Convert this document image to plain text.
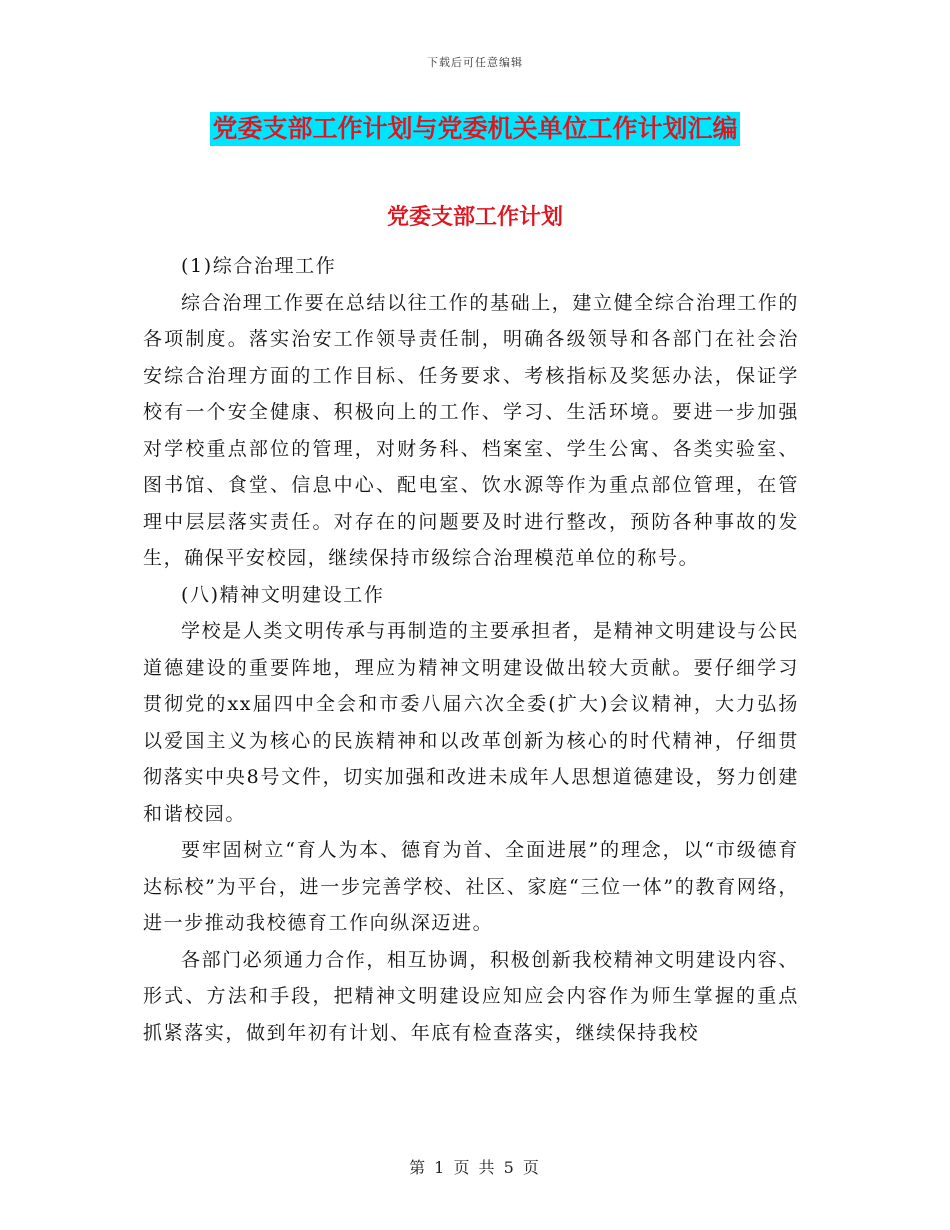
下载后可任意编辑
党委支部工作计划与党委机关单位工作计划汇编
党委支部工作计划

(1)综合治理工作

综合治理工作要在总结以往工作的基础上，建立健全综合治理工作的各项制度。落实治安工作领导责任制，明确各级领导和各部门在社会治安综合治理方面的工作目标、任务要求、考核指标及奖惩办法，保证学校有一个安全健康、积极向上的工作、学习、生活环境。要进一步加强对学校重点部位的管理，对财务科、档案室、学生公寓、各类实验室、图书馆、食堂、信息中心、配电室、饮水源等作为重点部位管理，在管理中层层落实责任。对存在的问题要及时进行整改，预防各种事故的发生，确保平安校园，继续保持市级综合治理模范单位的称号。

(八)精神文明建设工作

学校是人类文明传承与再制造的主要承担者，是精神文明建设与公民道德建设的重要阵地，理应为精神文明建设做出较大贡献。要仔细学习贯彻党的xx届四中全会和市委八届六次全委(扩大)会议精神，大力弘扬以爱国主义为核心的民族精神和以改革创新为核心的时代精神，仔细贯彻落实中央8号文件，切实加强和改进未成年人思想道德建设，努力创建和谐校园。

要牢固树立“育人为本、德育为首、全面进展”的理念，以“市级德育达标校”为平台，进一步完善学校、社区、家庭“三位一体”的教育网络，进一步推动我校德育工作向纵深迈进。

各部门必须通力合作，相互协调，积极创新我校精神文明建设内容、形式、方法和手段，把精神文明建设应知应会内容作为师生掌握的重点抓紧落实，做到年初有计划、年底有检查落实，继续保持我校

第 1 页 共 5 页
